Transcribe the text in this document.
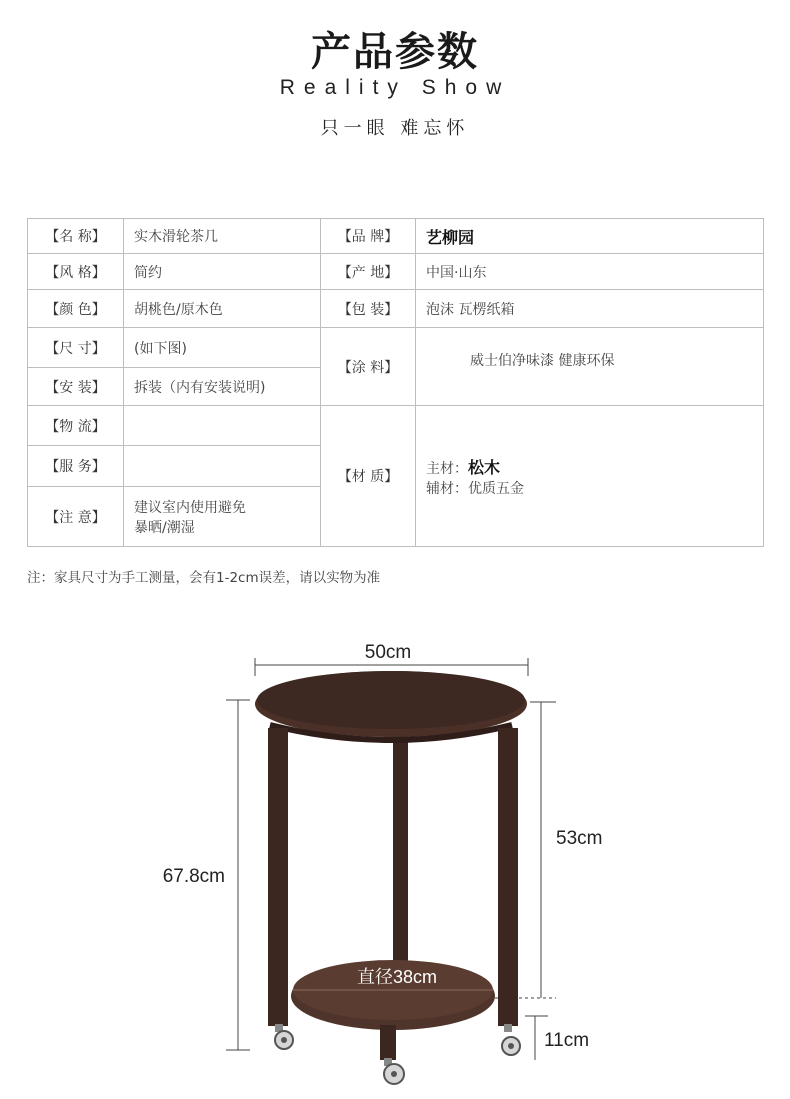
产品参数
Reality Show
只一眼 难忘怀
【名 称】	实木滑轮茶几	【品 牌】	艺柳园
【风 格】	简约	【产 地】	中国·山东
【颜 色】	胡桃色/原木色	【包 装】	泡沫 瓦楞纸箱
【尺 寸】	(如下图)	【涂 料】	威士伯净味漆 健康环保
【安 装】	拆装（内有安装说明)		
【物 流】		【材 质】	主材：松木
辅材：优质五金

【服 务】			
【注 意】	建议室内使用避免
暴晒/潮湿		
注：家具尺寸为手工测量，会有1-2cm误差，请以实物为准
50cm
67.8cm
53cm
11cm
直径38cm
